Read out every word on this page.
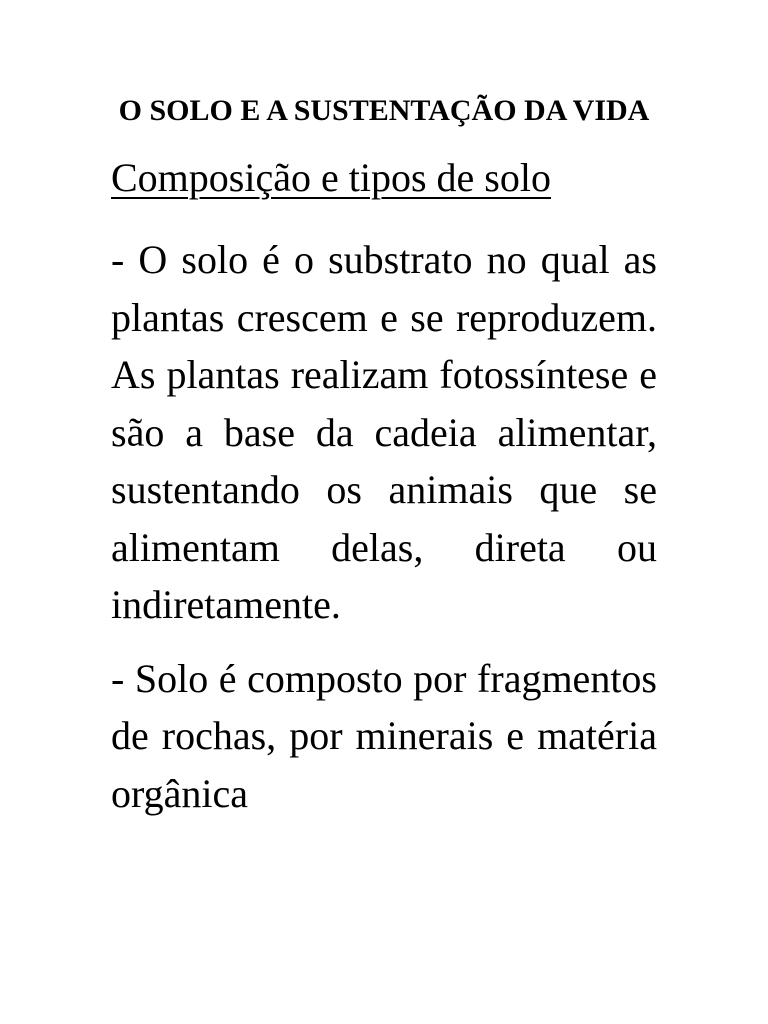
O SOLO E A SUSTENTAÇÃO DA VIDA
Composição e tipos de solo

- O solo é o substrato no qual as plantas crescem e se reproduzem. As plantas realizam fotossíntese e são a base da cadeia alimentar, sustentando os animais que se alimentam delas, direta ou indiretamente.

- Solo é composto por fragmentos de rochas, por minerais e matéria orgânica
